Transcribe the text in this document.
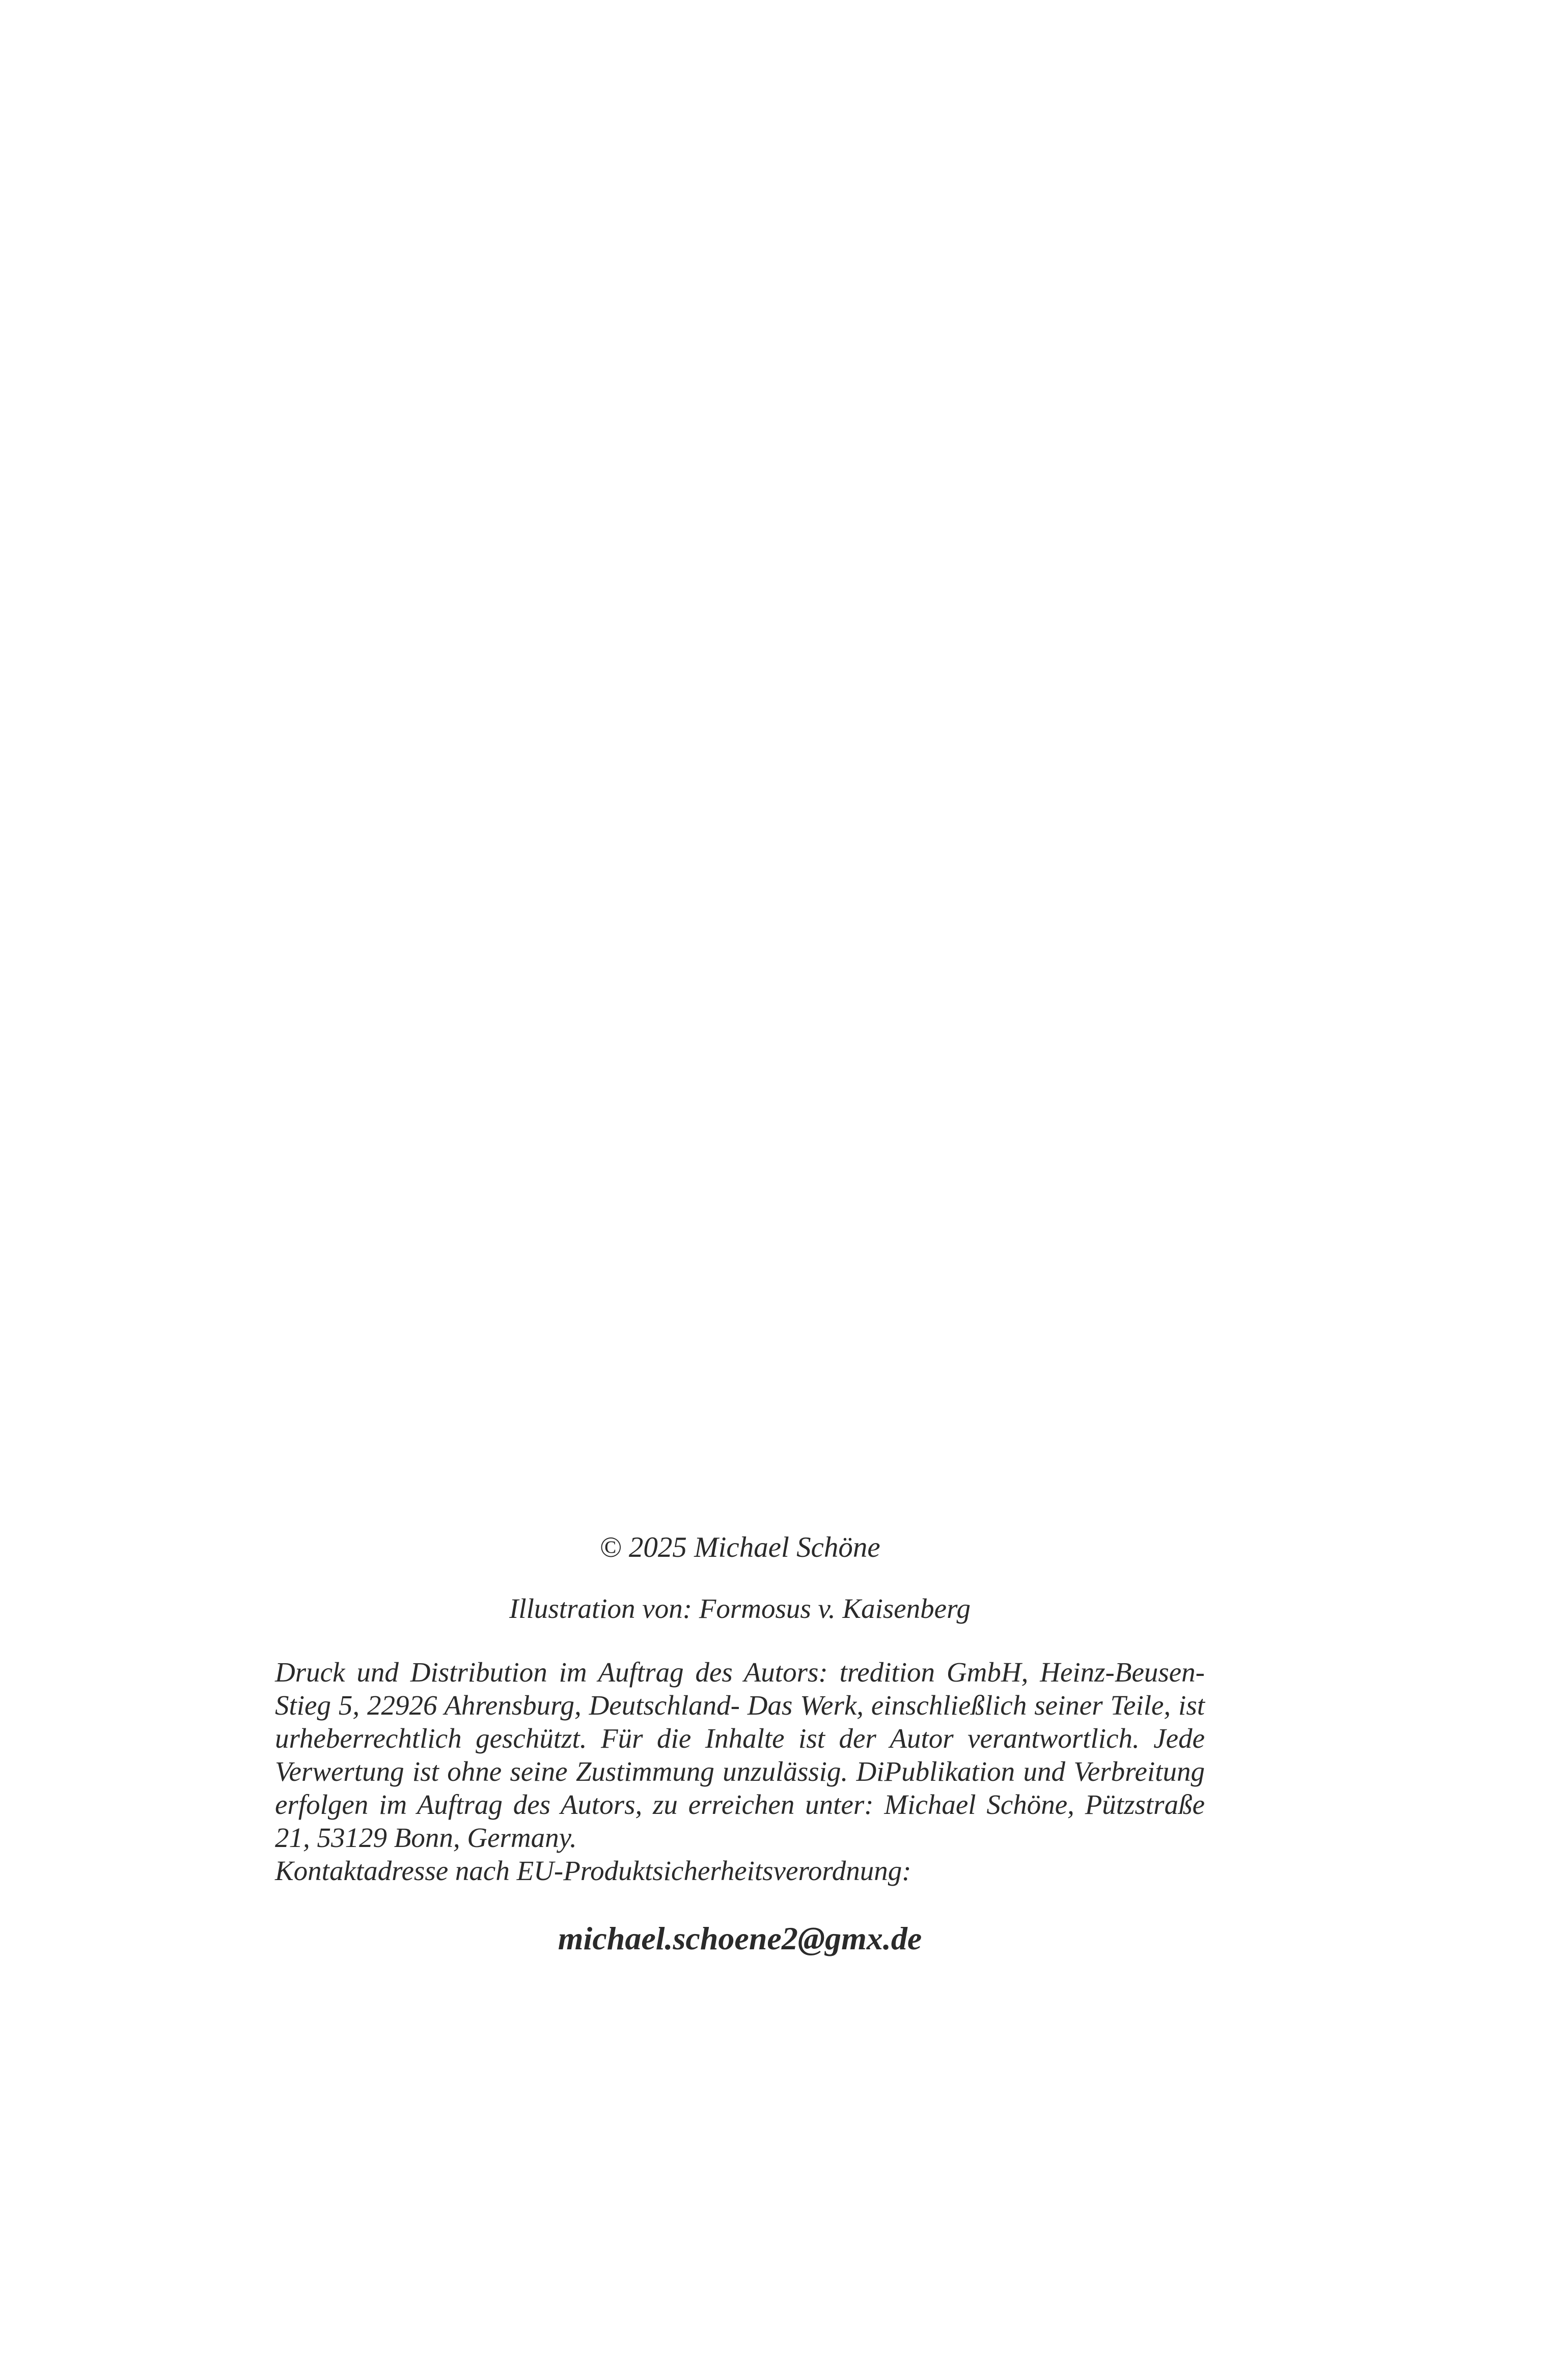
© 2025 Michael Schöne

Illustration von: Formosus v. Kaisenberg

Druck und Distribution im Auftrag des Autors: tredition GmbH, Heinz-Beusen-Stieg 5, 22926 Ahrensburg, Deutschland- Das Werk, einschließlich seiner Teile, ist urheberrechtlich geschützt. Für die Inhalte ist der Autor verantwortlich. Jede Verwertung ist ohne seine Zustimmung unzulässig. DiPublikation und Verbreitung erfolgen im Auftrag des Autors, zu erreichen unter: Michael Schöne, Pützstraße 21, 53129 Bonn, Germany.
Kontaktadresse nach EU-Produktsicherheitsverordnung:

michael.schoene2@gmx.de
